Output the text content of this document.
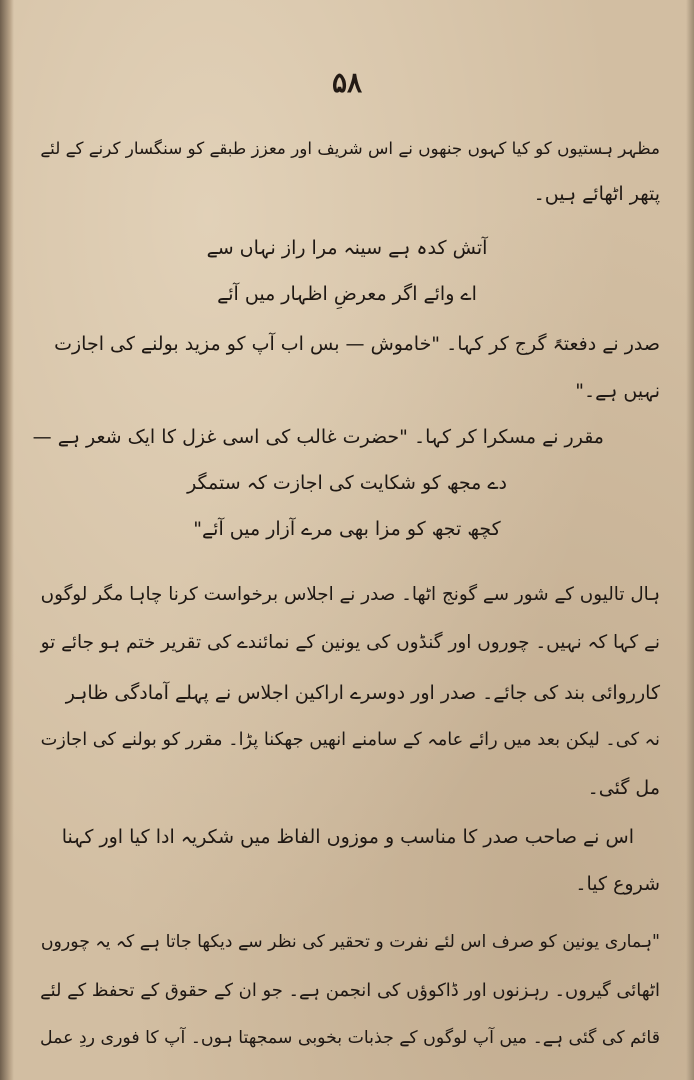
۵۸
مظہر ہستیوں کو کیا کہوں جنھوں نے اس شریف اور معزز طبقے کو سنگسار کرنے کے لئے
پتھر اٹھائے ہیں۔
آتش کدہ ہے سینہ مرا راز نہاں سے
اے وائے اگر معرضِ اظہار میں آئے
صدر نے دفعتہً گرج کر کہا۔ "خاموش — بس اب آپ کو مزید بولنے کی اجازت
نہیں ہے۔"
مقرر نے مسکرا کر کہا۔ "حضرت غالب کی اسی غزل کا ایک شعر ہے —
دے مجھ کو شکایت کی اجازت کہ ستمگر
کچھ تجھ کو مزا بھی مرے آزار میں آئے"
ہال تالیوں کے شور سے گونج اٹھا۔ صدر نے اجلاس برخواست کرنا چاہا مگر لوگوں
نے کہا کہ نہیں۔ چوروں اور گنڈوں کی یونین کے نمائندے کی تقریر ختم ہو جائے تو
کارروائی بند کی جائے۔ صدر اور دوسرے اراکین اجلاس نے پہلے آمادگی ظاہر
نہ کی۔ لیکن بعد میں رائے عامہ کے سامنے انھیں جھکنا پڑا۔ مقرر کو بولنے کی اجازت
مل گئی۔
اس نے صاحب صدر کا مناسب و موزوں الفاظ میں شکریہ ادا کیا اور کہنا
شروع کیا۔
"ہماری یونین کو صرف اس لئے نفرت و تحقیر کی نظر سے دیکھا جاتا ہے کہ یہ چوروں
اٹھائی گیروں۔ رہزنوں اور ڈاکوؤں کی انجمن ہے۔ جو ان کے حقوق کے تحفظ کے لئے
قائم کی گئی ہے۔ میں آپ لوگوں کے جذبات بخوبی سمجھتا ہوں۔ آپ کا فوری ردِ عمل
